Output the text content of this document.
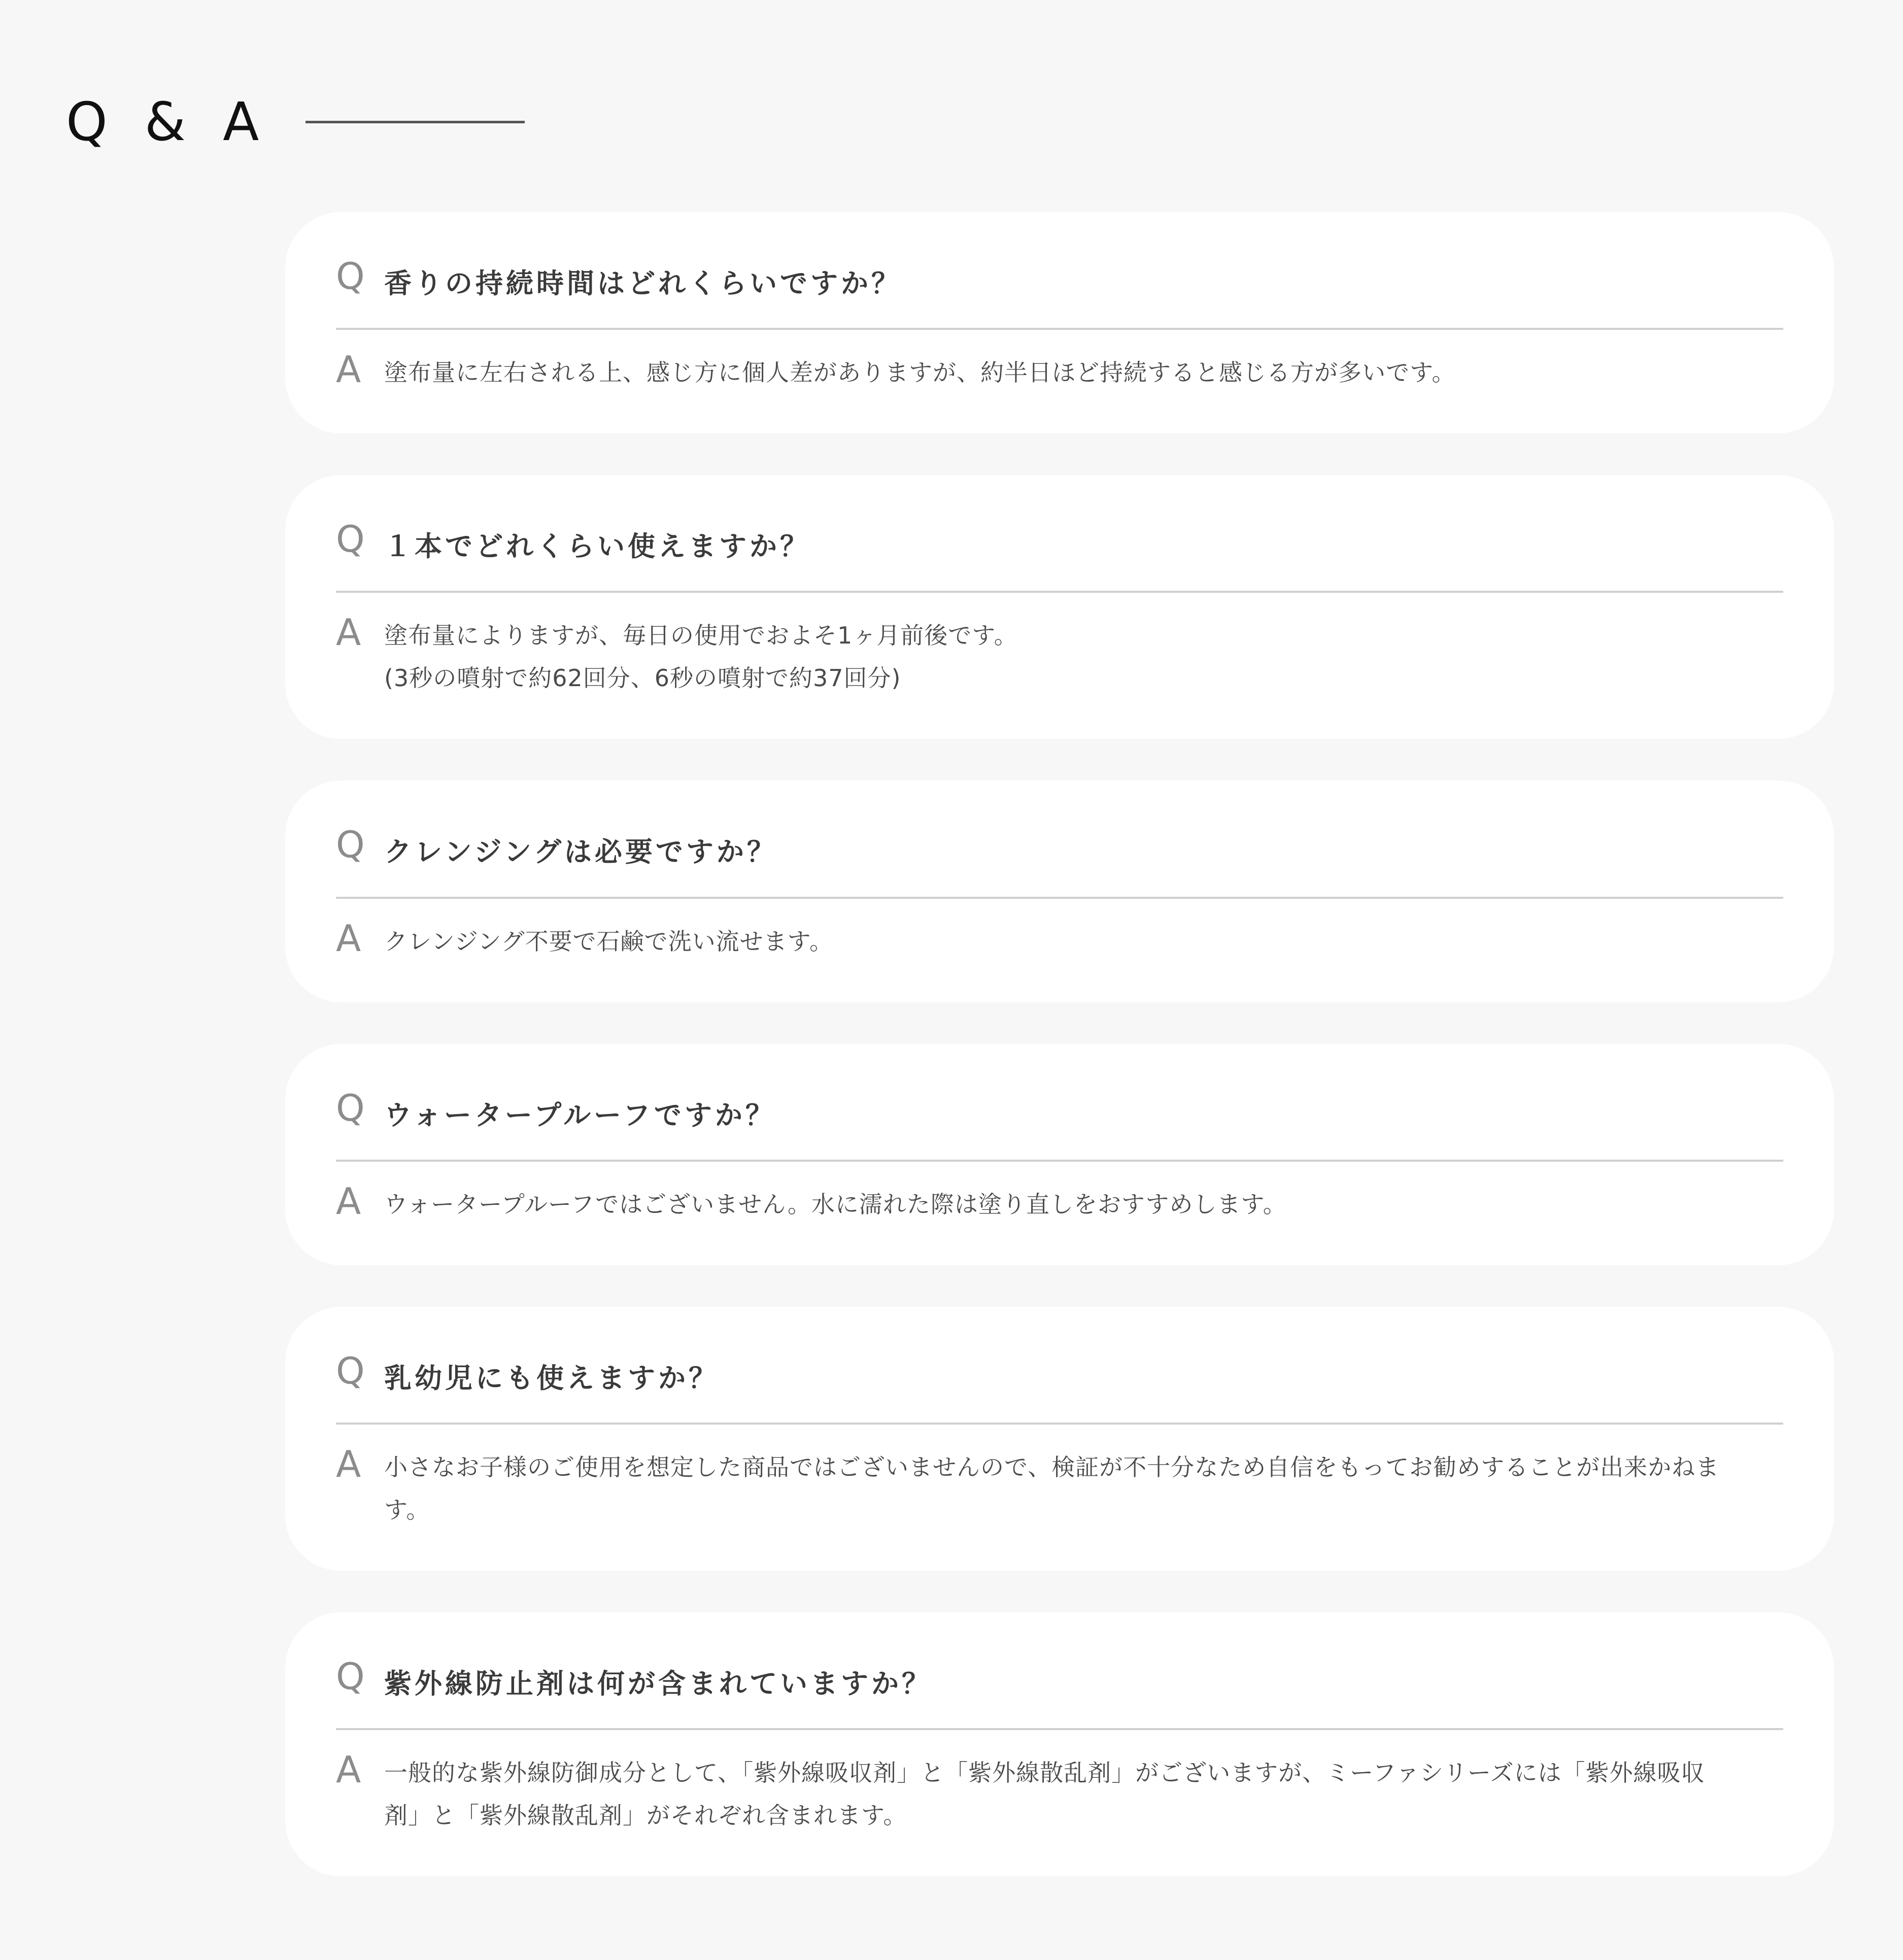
Q & A
Q 香りの持続時間はどれくらいですか？
A 塗布量に左右される上、感じ方に個人差がありますが、約半日ほど持続すると感じる方が多いです。
Q １本でどれくらい使えますか？
A 塗布量によりますが、毎日の使用でおよそ1ヶ月前後です。
(3秒の噴射で約62回分、6秒の噴射で約37回分)
Q クレンジングは必要ですか？
A クレンジング不要で石鹸で洗い流せます。
Q ウォータープルーフですか？
A ウォータープルーフではございません。水に濡れた際は塗り直しをおすすめします。
Q 乳幼児にも使えますか？
A 小さなお子様のご使用を想定した商品ではございませんので、検証が不十分なため自信をもってお勧めすることが出来かねま
す。
Q 紫外線防止剤は何が含まれていますか？
A 一般的な紫外線防御成分として、「紫外線吸収剤」と「紫外線散乱剤」がございますが、ミーファシリーズには「紫外線吸収
剤」と「紫外線散乱剤」がそれぞれ含まれます。
